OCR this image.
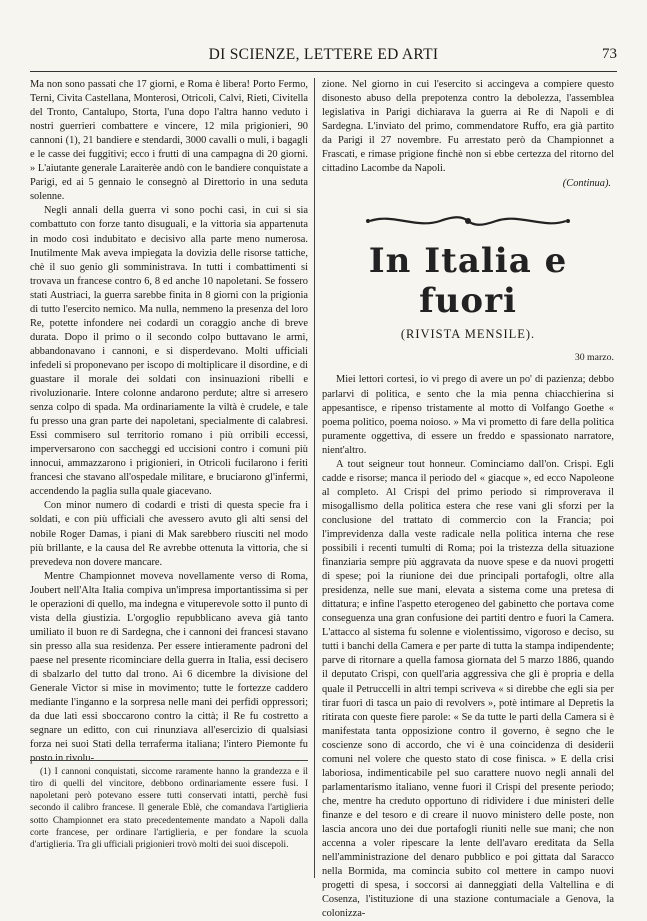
DI SCIENZE, LETTERE ED ARTI	73

Ma non sono passati che 17 giorni, e Roma è libera! Porto Fermo, Terni, Civita Castellana, Monterosi, Otricoli, Calvi, Rieti, Civitella del Tronto, Cantalupo, Storta, l'una dopo l'altra hanno veduto i nostri guerrieri combattere e vincere, 12 mila prigionieri, 90 cannoni (1), 21 bandiere e stendardi, 3000 cavalli o muli, i bagagli e le casse dei fuggitivi; ecco i frutti di una campagna di 20 giorni. » L'aiutante generale Laraiterèe andò con le bandiere conquistate a Parigi, ed ai 5 gennaio le consegnò al Direttorio in una seduta solenne.

Negli annali della guerra vi sono pochi casi, in cui si sia combattuto con forze tanto disuguali, e la vittoria sia appartenuta in modo così indubitato e decisivo alla parte meno numerosa. Inutilmente Mak aveva impiegata la dovizia delle risorse tattiche, chè il suo genio gli somministrava. In tutti i combattimenti si trovava un francese contro 6, 8 ed anche 10 napoletani. Se fossero stati Austriaci, la guerra sarebbe finita in 8 giorni con la prigionia di tutto l'esercito nemico. Ma nulla, nemmeno la presenza del loro Re, potette infondere nei codardi un coraggio anche di breve durata. Dopo il primo o il secondo colpo buttavano le armi, abbandonavano i cannoni, e si disperdevano. Molti ufficiali infedeli si proponevano per iscopo di moltiplicare il disordine, e di guastare il morale dei soldati con insinuazioni ribelli e rivoluzionarie. Intere colonne andarono perdute; altre si arresero senza colpo di spada. Ma ordinariamente la viltà è crudele, e tale fu presso una gran parte dei napoletani, specialmente di calabresi. Essi commisero sul territorio romano i più orribili eccessi, imperversarono con saccheggi ed uccisioni contro i comuni più innocui, ammazzarono i prigionieri, in Otricoli fucilarono i feriti francesi che stavano all'ospedale militare, e bruciarono gl'infermi, accendendo la paglia sulla quale giacevano.

Con minor numero di codardi e tristi di questa specie fra i soldati, e con più ufficiali che avessero avuto gli alti sensi del nobile Roger Damas, i piani di Mak sarebbero riusciti nel modo più brillante, e la causa del Re avrebbe ottenuta la vittoria, che si prevedeva non dovere mancare.

Mentre Championnet moveva novellamente verso di Roma, Joubert nell'Alta Italia compiva un'impresa importantissima si per le operazioni di quello, ma indegna e vituperevole sotto il punto di vista della giustizia. L'orgoglio repubblicano aveva già tanto umiliato il buon re di Sardegna, che i cannoni dei francesi stavano sin presso alla sua residenza. Per essere intieramente padroni del paese nel presente ricominciare della guerra in Italia, essi decisero di sbalzarlo del tutto dal trono. Ai 6 dicembre la divisione del Generale Victor si mise in movimento; tutte le fortezze caddero mediante l'inganno e la sorpresa nelle mani dei perfidi oppressori; da due lati essi sboccarono contro la città; il Re fu costretto a segnare un editto, con cui rinunziava all'esercizio di qualsiasi forza nei suoi Stati della terraferma italiana; l'intero Piemonte fu posto in rivolu-

(1) I cannoni conquistati, siccome raramente hanno la grandezza e il tiro di quelli del vincitore, debbono ordinariamente essere fusi. I napoletani però potevano essere tutti conservati intatti, perchè fusi secondo il calibro francese. Il generale Eblè, che comandava l'artiglieria sotto Championnet era stato precedentemente mandato a Napoli dalla corte francese, per ordinare l'artiglieria, e per fondare la scuola d'artiglieria. Tra gli ufficiali prigionieri trovò molti dei suoi discepoli.

zione. Nel giorno in cui l'esercito si accingeva a compiere questo disonesto abuso della prepotenza contro la debolezza, l'assemblea legislativa in Parigi dichiarava la guerra ai Re di Napoli e di Sardegna. L'inviato del primo, commendatore Ruffo, era già partito da Parigi il 27 novembre. Fu arrestato però da Championnet a Frascati, e rimase prigione finchè non si ebbe certezza del ritorno del cittadino Lacombe da Napoli.

(Continua).
In Italia e fuori
(RIVISTA MENSILE).
30 marzo.

Miei lettori cortesi, io vi prego di avere un po' di pazienza; debbo parlarvi di politica, e sento che la mia penna chiacchierina si appesantisce, e ripenso tristamente al motto di Volfango Goethe « poema politico, poema noioso. » Ma vi prometto di fare della politica puramente oggettiva, di essere un freddo e spassionato narratore, nient'altro.

A tout seigneur tout honneur. Cominciamo dall'on. Crispi. Egli cadde e risorse; manca il periodo del « giacque », ed ecco Napoleone al completo. Al Crispi del primo periodo si rimproverava il misogallismo della politica estera che rese vani gli sforzi per la conclusione del trattato di commercio con la Francia; poi l'imprevidenza dalla veste radicale nella politica interna che rese possibili i recenti tumulti di Roma; poi la tristezza della situazione finanziaria sempre più aggravata da nuove spese e da nuovi progetti di spese; poi la riunione dei due principali portafogli, oltre alla presidenza, nelle sue mani, elevata a sistema come una pretesa di dittatura; e infine l'aspetto eterogeneo del gabinetto che portava come conseguenza una gran confusione dei partiti dentro e fuori la Camera. L'attacco al sistema fu solenne e violentissimo, vigoroso e deciso, su tutti i banchi della Camera e per parte di tutta la stampa indipendente; parve di ritornare a quella famosa giornata del 5 marzo 1886, quando il deputato Crispi, con quell'aria aggressiva che gli è propria e della quale il Petruccelli in altri tempi scriveva « si direbbe che egli sia per tirar fuori di tasca un paio di revolvers », potè intimare al Depretis la ritirata con queste fiere parole: « Se da tutte le parti della Camera si è manifestata tanta opposizione contro il governo, è segno che le coscienze sono di accordo, che vi è una coincidenza di desiderii comuni nel volere che questo stato di cose finisca. » E della crisi laboriosa, indimenticabile pel suo carattere nuovo negli annali del parlamentarismo italiano, venne fuori il Crispi del presente periodo; che, mentre ha creduto opportuno di ridividere i due ministeri delle finanze e del tesoro e di creare il nuovo ministero delle poste, non lascia ancora uno dei due portafogli riuniti nelle sue mani; che non accenna a voler ripescare la lente dell'avaro ereditata da Sella nell'amministrazione del denaro pubblico e poi gittata dal Saracco nella Bormida, ma comincia subito col mettere in campo nuovi progetti di spesa, i soccorsi ai danneggiati della Valtellina e di Cosenza, l'istituzione di una stazione contumaciale a Genova, la colonizza-
